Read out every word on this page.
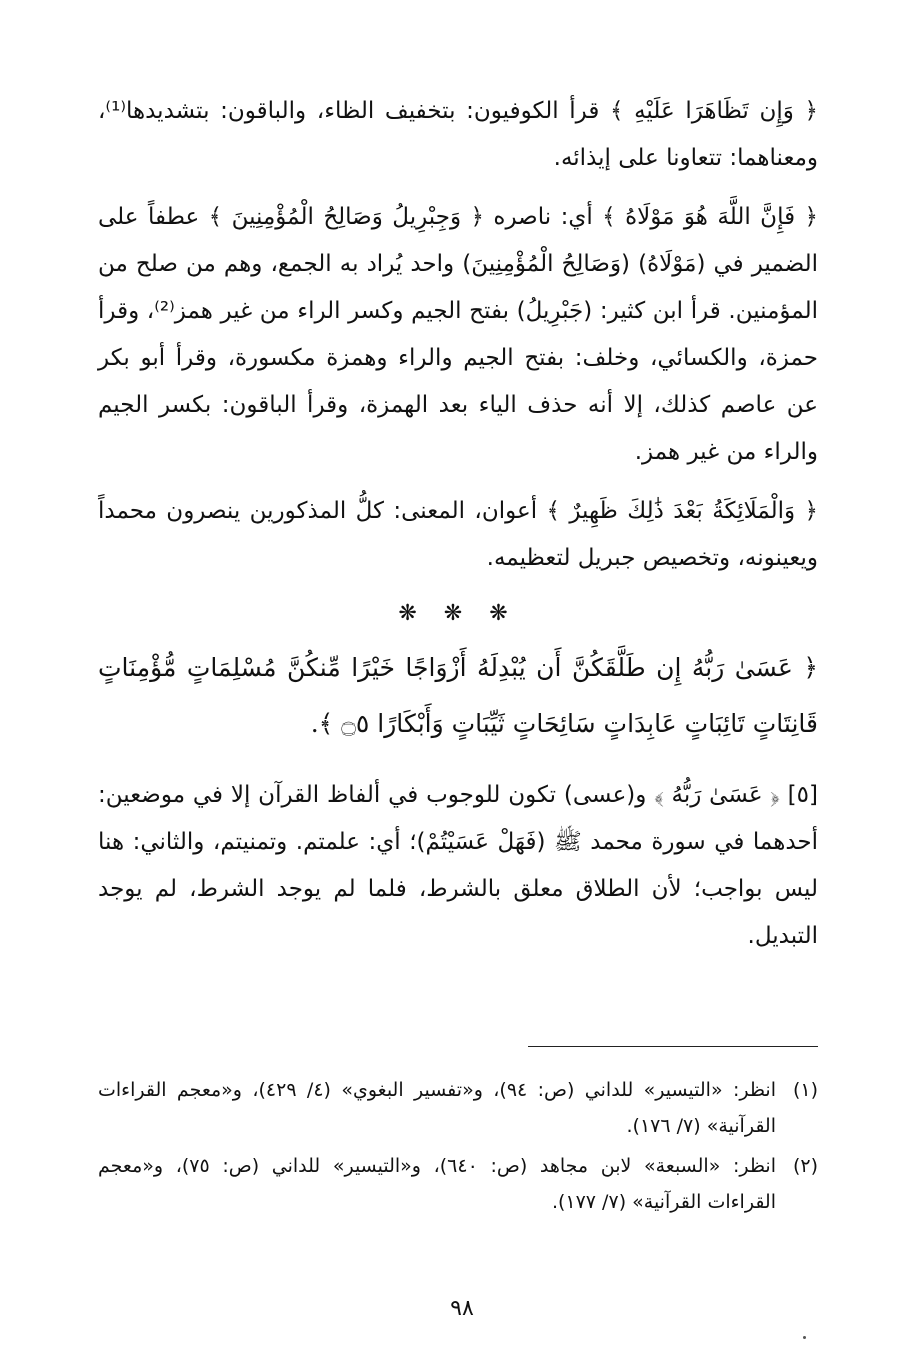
﴿ وَإِن تَظَاهَرَا عَلَيْهِ ﴾ قرأ الكوفيون: بتخفيف الظاء، والباقون: بتشديدها⁽¹⁾، ومعناهما: تتعاونا على إيذائه.

﴿ فَإِنَّ اللَّهَ هُوَ مَوْلَاهُ ﴾ أي: ناصره ﴿ وَجِبْرِيلُ وَصَالِحُ الْمُؤْمِنِينَ ﴾ عطفاً على الضمير في (مَوْلَاهُ) (وَصَالِحُ الْمُؤْمِنِينَ) واحد يُراد به الجمع، وهم من صلح من المؤمنين. قرأ ابن كثير: (جَبْرِيلُ) بفتح الجيم وكسر الراء من غير همز⁽²⁾، وقرأ حمزة، والكسائي، وخلف: بفتح الجيم والراء وهمزة مكسورة، وقرأ أبو بكر عن عاصم كذلك، إلا أنه حذف الياء بعد الهمزة، وقرأ الباقون: بكسر الجيم والراء من غير همز.

﴿ وَالْمَلَائِكَةُ بَعْدَ ذَٰلِكَ ظَهِيرٌ ﴾ أعوان، المعنى: كلُّ المذكورين ينصرون محمداً ويعينونه، وتخصيص جبريل لتعظيمه.

❋ ❋ ❋

﴿ عَسَىٰ رَبُّهُ إِن طَلَّقَكُنَّ أَن يُبْدِلَهُ أَزْوَاجًا خَيْرًا مِّنكُنَّ مُسْلِمَاتٍ مُّؤْمِنَاتٍ قَانِتَاتٍ تَائِبَاتٍ عَابِدَاتٍ سَائِحَاتٍ ثَيِّبَاتٍ وَأَبْكَارًا ۝٥ ﴾.

[٥] ﴿ عَسَىٰ رَبُّهُ ﴾ و(عسى) تكون للوجوب في ألفاظ القرآن إلا في موضعين: أحدهما في سورة محمد ﷺ (فَهَلْ عَسَيْتُمْ)؛ أي: علمتم. وتمنيتم، والثاني: هنا ليس بواجب؛ لأن الطلاق معلق بالشرط، فلما لم يوجد الشرط، لم يوجد التبديل.

(١)
انظر: «التيسير» للداني (ص: ٩٤)، و«تفسير البغوي» (٤/ ٤٢٩)، و«معجم القراءات القرآنية» (٧/ ١٧٦).
(٢)
انظر: «السبعة» لابن مجاهد (ص: ٦٤٠)، و«التيسير» للداني (ص: ٧٥)، و«معجم القراءات القرآنية» (٧/ ١٧٧).
٩٨
